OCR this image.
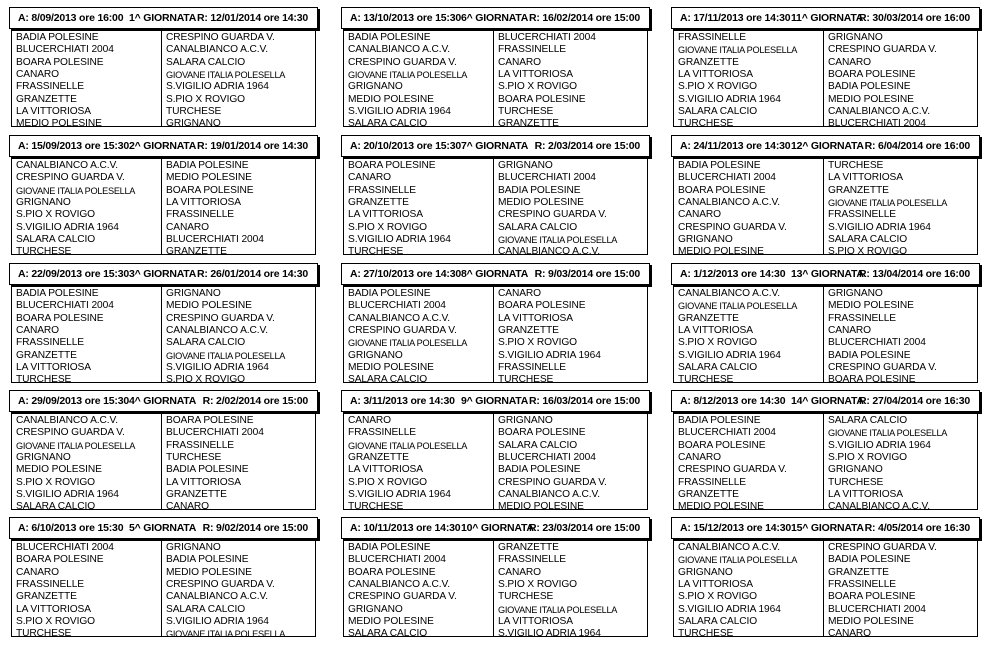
A: 8/09/2013 ore 16:00 1^ GIORNATA R: 12/01/2014 ore 14:30
BADIA POLESINE	CRESPINO GUARDA V.
BLUCERCHIATI 2004	CANALBIANCO A.C.V.
BOARA POLESINE	SALARA CALCIO
CANARO	GIOVANE ITALIA POLESELLA
FRASSINELLE	S.VIGILIO ADRIA 1964
GRANZETTE	S.PIO X ROVIGO
LA VITTORIOSA	TURCHESE
MEDIO POLESINE	GRIGNANO
A: 13/10/2013 ore 15:30 6^ GIORNATA R: 16/02/2014 ore 15:00
BADIA POLESINE	BLUCERCHIATI 2004
CANALBIANCO A.C.V.	FRASSINELLE
CRESPINO GUARDA V.	CANARO
GIOVANE ITALIA POLESELLA	LA VITTORIOSA
GRIGNANO	S.PIO X ROVIGO
MEDIO POLESINE	BOARA POLESINE
S.VIGILIO ADRIA 1964	TURCHESE
SALARA CALCIO	GRANZETTE
A: 17/11/2013 ore 14:30 11^ GIORNATA
R: 30/03/2014 ore 16:00
FRASSINELLE	GRIGNANO
GIOVANE ITALIA POLESELLA	CRESPINO GUARDA V.
GRANZETTE	CANARO
LA VITTORIOSA	BOARA POLESINE
S.PIO X ROVIGO	BADIA POLESINE
S.VIGILIO ADRIA 1964	MEDIO POLESINE
SALARA CALCIO	CANALBIANCO A.C.V.
TURCHESE	BLUCERCHIATI 2004
A: 15/09/2013 ore 15:30 2^ GIORNATA R: 19/01/2014 ore 14:30
CANALBIANCO A.C.V.	BADIA POLESINE
CRESPINO GUARDA V.	MEDIO POLESINE
GIOVANE ITALIA POLESELLA	BOARA POLESINE
GRIGNANO	LA VITTORIOSA
S.PIO X ROVIGO	FRASSINELLE
S.VIGILIO ADRIA 1964	CANARO
SALARA CALCIO	BLUCERCHIATI 2004
TURCHESE	GRANZETTE
A: 20/10/2013 ore 15:30 7^ GIORNATA R: 2/03/2014 ore 15:00
BOARA POLESINE	GRIGNANO
CANARO	BLUCERCHIATI 2004
FRASSINELLE	BADIA POLESINE
GRANZETTE	MEDIO POLESINE
LA VITTORIOSA	CRESPINO GUARDA V.
S.PIO X ROVIGO	SALARA CALCIO
S.VIGILIO ADRIA 1964	GIOVANE ITALIA POLESELLA
TURCHESE	CANALBIANCO A.C.V.
A: 24/11/2013 ore 14:30 12^ GIORNATA R: 6/04/2014 ore 16:00
BADIA POLESINE	TURCHESE
BLUCERCHIATI 2004	LA VITTORIOSA
BOARA POLESINE	GRANZETTE
CANALBIANCO A.C.V.	GIOVANE ITALIA POLESELLA
CANARO	FRASSINELLE
CRESPINO GUARDA V.	S.VIGILIO ADRIA 1964
GRIGNANO	SALARA CALCIO
MEDIO POLESINE	S.PIO X ROVIGO
A: 22/09/2013 ore 15:30 3^ GIORNATA R: 26/01/2014 ore 14:30
BADIA POLESINE	GRIGNANO
BLUCERCHIATI 2004	MEDIO POLESINE
BOARA POLESINE	CRESPINO GUARDA V.
CANARO	CANALBIANCO A.C.V.
FRASSINELLE	SALARA CALCIO
GRANZETTE	GIOVANE ITALIA POLESELLA
LA VITTORIOSA	S.VIGILIO ADRIA 1964
TURCHESE	S.PIO X ROVIGO
A: 27/10/2013 ore 14:30 8^ GIORNATA R: 9/03/2014 ore 15:00
BADIA POLESINE	CANARO
BLUCERCHIATI 2004	BOARA POLESINE
CANALBIANCO A.C.V.	LA VITTORIOSA
CRESPINO GUARDA V.	GRANZETTE
GIOVANE ITALIA POLESELLA	S.PIO X ROVIGO
GRIGNANO	S.VIGILIO ADRIA 1964
MEDIO POLESINE	FRASSINELLE
SALARA CALCIO	TURCHESE
A: 1/12/2013 ore 14:30 13^ GIORNATA
R: 13/04/2014 ore 16:00
CANALBIANCO A.C.V.	GRIGNANO
GIOVANE ITALIA POLESELLA	MEDIO POLESINE
GRANZETTE	FRASSINELLE
LA VITTORIOSA	CANARO
S.PIO X ROVIGO	BLUCERCHIATI 2004
S.VIGILIO ADRIA 1964	BADIA POLESINE
SALARA CALCIO	CRESPINO GUARDA V.
TURCHESE	BOARA POLESINE
A: 29/09/2013 ore 15:30 4^ GIORNATA R: 2/02/2014 ore 15:00
CANALBIANCO A.C.V.	BOARA POLESINE
CRESPINO GUARDA V.	BLUCERCHIATI 2004
GIOVANE ITALIA POLESELLA	FRASSINELLE
GRIGNANO	TURCHESE
MEDIO POLESINE	BADIA POLESINE
S.PIO X ROVIGO	LA VITTORIOSA
S.VIGILIO ADRIA 1964	GRANZETTE
SALARA CALCIO	CANARO
A: 3/11/2013 ore 14:30 9^ GIORNATA R: 16/03/2014 ore 15:00
CANARO	GRIGNANO
FRASSINELLE	BOARA POLESINE
GIOVANE ITALIA POLESELLA	SALARA CALCIO
GRANZETTE	BLUCERCHIATI 2004
LA VITTORIOSA	BADIA POLESINE
S.PIO X ROVIGO	CRESPINO GUARDA V.
S.VIGILIO ADRIA 1964	CANALBIANCO A.C.V.
TURCHESE	MEDIO POLESINE
A: 8/12/2013 ore 14:30 14^ GIORNATA
R: 27/04/2014 ore 16:30
BADIA POLESINE	SALARA CALCIO
BLUCERCHIATI 2004	GIOVANE ITALIA POLESELLA
BOARA POLESINE	S.VIGILIO ADRIA 1964
CANARO	S.PIO X ROVIGO
CRESPINO GUARDA V.	GRIGNANO
FRASSINELLE	TURCHESE
GRANZETTE	LA VITTORIOSA
MEDIO POLESINE	CANALBIANCO A.C.V.
A: 6/10/2013 ore 15:30 5^ GIORNATA R: 9/02/2014 ore 15:00
BLUCERCHIATI 2004	GRIGNANO
BOARA POLESINE	BADIA POLESINE
CANARO	MEDIO POLESINE
FRASSINELLE	CRESPINO GUARDA V.
GRANZETTE	CANALBIANCO A.C.V.
LA VITTORIOSA	SALARA CALCIO
S.PIO X ROVIGO	S.VIGILIO ADRIA 1964
TURCHESE	GIOVANE ITALIA POLESELLA
A: 10/11/2013 ore 14:30 10^ GIORNATA
R: 23/03/2014 ore 15:00
BADIA POLESINE	GRANZETTE
BLUCERCHIATI 2004	FRASSINELLE
BOARA POLESINE	CANARO
CANALBIANCO A.C.V.	S.PIO X ROVIGO
CRESPINO GUARDA V.	TURCHESE
GRIGNANO	GIOVANE ITALIA POLESELLA
MEDIO POLESINE	LA VITTORIOSA
SALARA CALCIO	S.VIGILIO ADRIA 1964
A: 15/12/2013 ore 14:30 15^ GIORNATA R: 4/05/2014 ore 16:30
CANALBIANCO A.C.V.	CRESPINO GUARDA V.
GIOVANE ITALIA POLESELLA	BADIA POLESINE
GRIGNANO	GRANZETTE
LA VITTORIOSA	FRASSINELLE
S.PIO X ROVIGO	BOARA POLESINE
S.VIGILIO ADRIA 1964	BLUCERCHIATI 2004
SALARA CALCIO	MEDIO POLESINE
TURCHESE	CANARO
